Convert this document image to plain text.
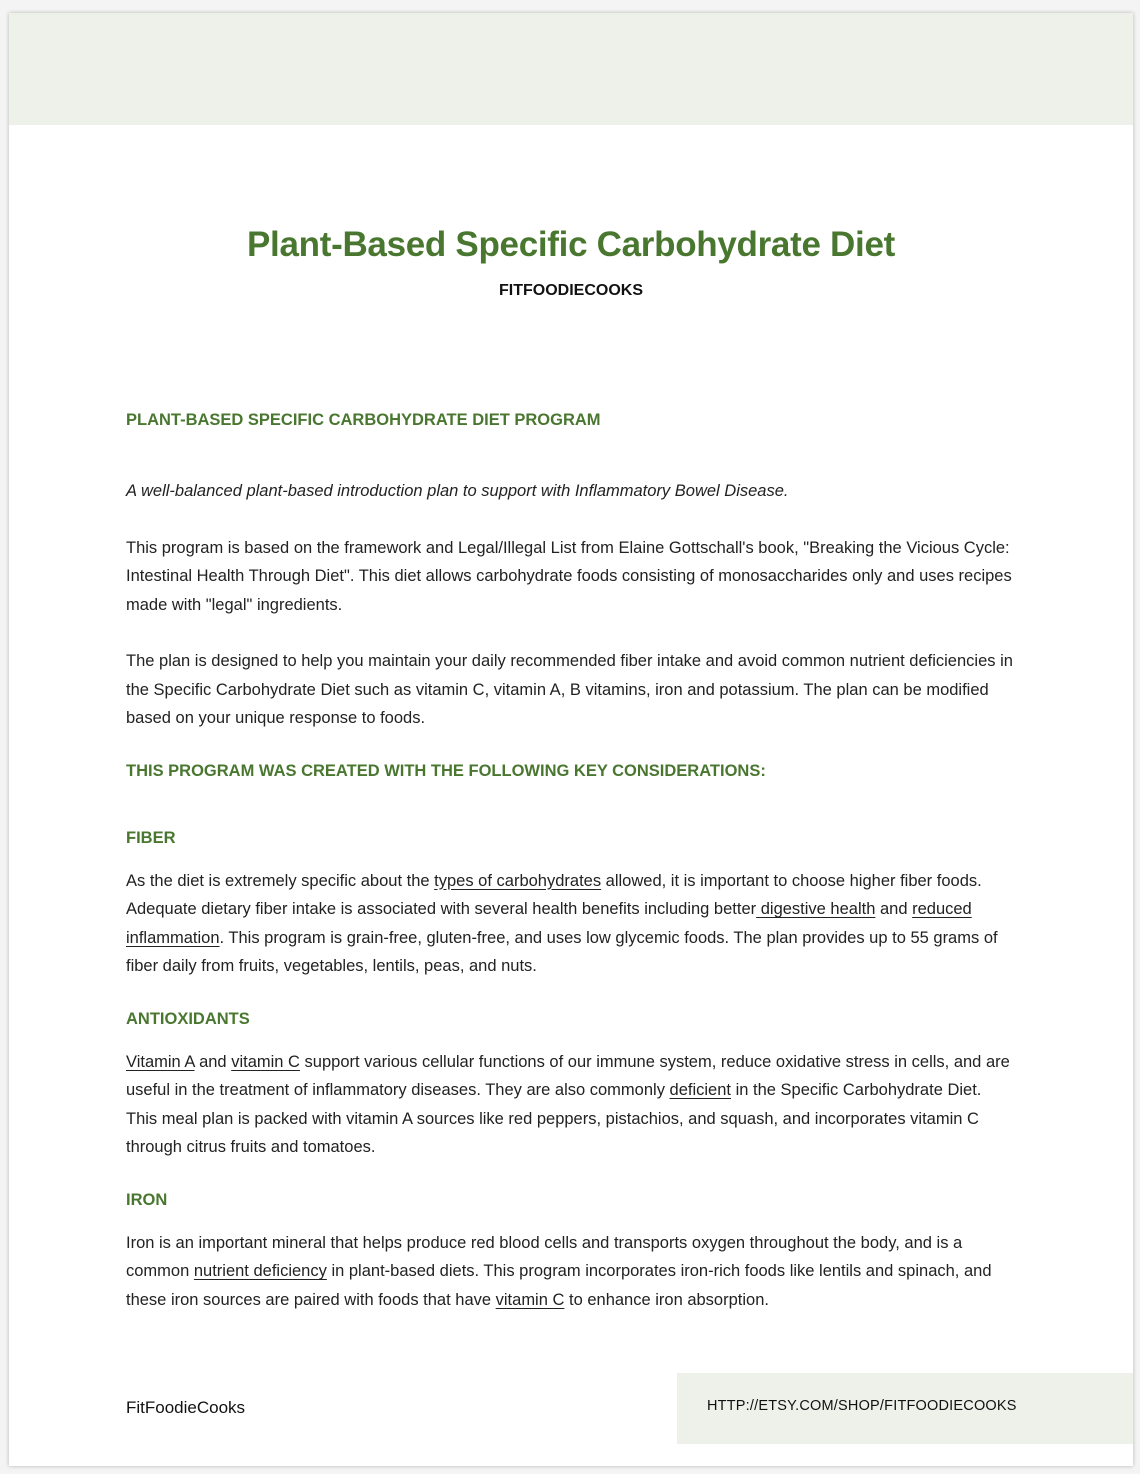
Plant-Based Specific Carbohydrate Diet
FITFOODIECOOKS

PLANT-BASED SPECIFIC CARBOHYDRATE DIET PROGRAM

A well-balanced plant-based introduction plan to support with Inflammatory Bowel Disease.

This program is based on the framework and Legal/Illegal List from Elaine Gottschall's book, "Breaking the Vicious Cycle: Intestinal Health Through Diet". This diet allows carbohydrate foods consisting of monosaccharides only and uses recipes made with "legal" ingredients.

The plan is designed to help you maintain your daily recommended fiber intake and avoid common nutrient deficiencies in the Specific Carbohydrate Diet such as vitamin C, vitamin A, B vitamins, iron and potassium. The plan can be modified based on your unique response to foods.

THIS PROGRAM WAS CREATED WITH THE FOLLOWING KEY CONSIDERATIONS:

FIBER

As the diet is extremely specific about the types of carbohydrates allowed, it is important to choose higher fiber foods. Adequate dietary fiber intake is associated with several health benefits including better digestive health and reduced inflammation. This program is grain-free, gluten-free, and uses low glycemic foods. The plan provides up to 55 grams of fiber daily from fruits, vegetables, lentils, peas, and nuts.

ANTIOXIDANTS

Vitamin A and vitamin C support various cellular functions of our immune system, reduce oxidative stress in cells, and are useful in the treatment of inflammatory diseases. They are also commonly deficient in the Specific Carbohydrate Diet. This meal plan is packed with vitamin A sources like red peppers, pistachios, and squash, and incorporates vitamin C through citrus fruits and tomatoes.

IRON

Iron is an important mineral that helps produce red blood cells and transports oxygen throughout the body, and is a common nutrient deficiency in plant-based diets. This program incorporates iron-rich foods like lentils and spinach, and these iron sources are paired with foods that have vitamin C to enhance iron absorption.

FitFoodieCooks	HTTP://ETSY.COM/SHOP/FITFOODIECOOKS
